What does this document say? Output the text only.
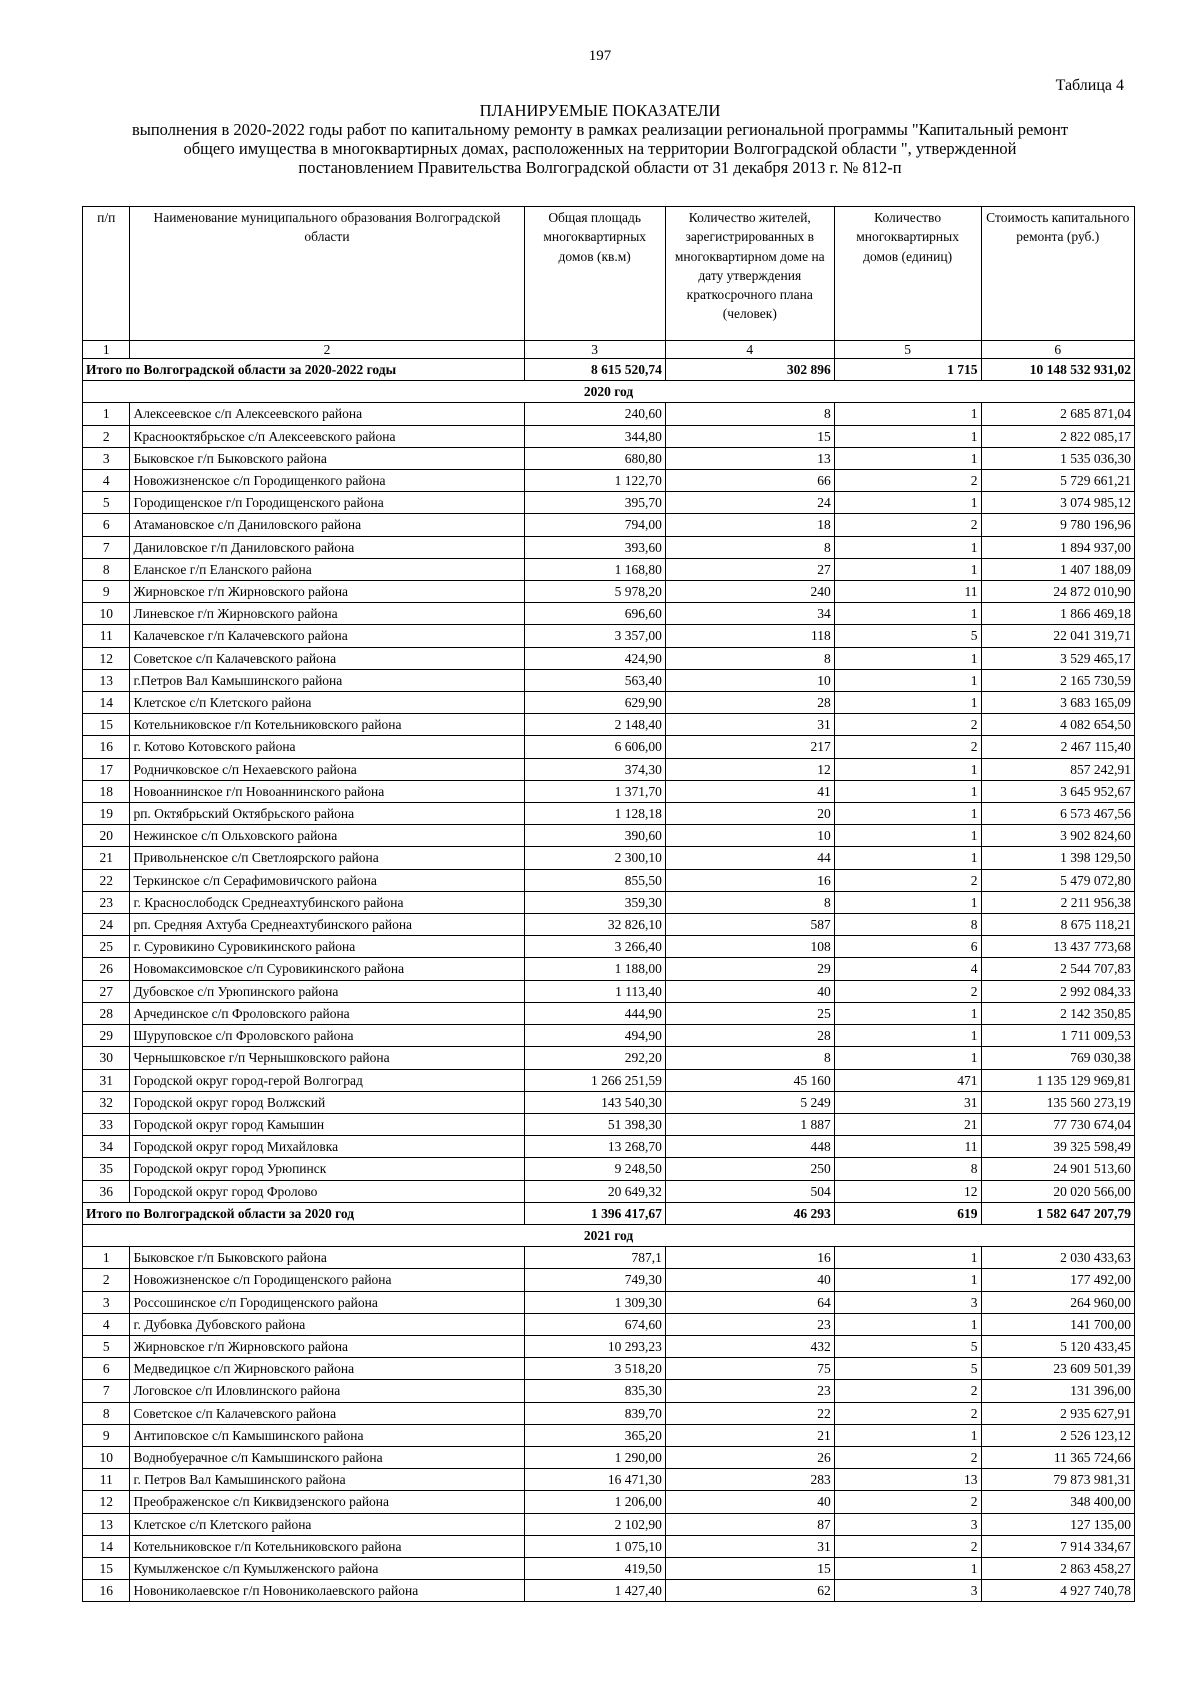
197
Таблица 4
ПЛАНИРУЕМЫЕ ПОКАЗАТЕЛИ
выполнения в 2020-2022 годы работ по капитальному ремонту в рамках реализации региональной программы "Капитальный ремонт
общего имущества в многоквартирных домах, расположенных на территории Волгоградской области ", утвержденной
постановлением Правительства Волгоградской области от 31 декабря 2013 г. № 812-п
п/п	Наименование муниципального образования Волгоградской области	Общая площадь многоквартирных домов (кв.м)	Количество жителей, зарегистрированных в многоквартирном доме на дату утверждения краткосрочного плана (человек)	Количество многоквартирных домов (единиц)	Стоимость капитального ремонта (руб.)
1	2	3	4	5	6
Итого по Волгоградской области за 2020-2022 годы		8 615 520,74	302 896	1 715	10 148 532 931,02
2020 год					
1	Алексеевское с/п Алексеевского района	240,60	8	1	2 685 871,04
2	Краснооктябрьское с/п Алексеевского района	344,80	15	1	2 822 085,17
3	Быковское г/п Быковского района	680,80	13	1	1 535 036,30
4	Новожизненское с/п Городищенкого района	1 122,70	66	2	5 729 661,21
5	Городищенское г/п Городищенского района	395,70	24	1	3 074 985,12
6	Атамановское с/п Даниловского района	794,00	18	2	9 780 196,96
7	Даниловское г/п Даниловского района	393,60	8	1	1 894 937,00
8	Еланское г/п Еланского района	1 168,80	27	1	1 407 188,09
9	Жирновское г/п Жирновского района	5 978,20	240	11	24 872 010,90
10	Линевское г/п Жирновского района	696,60	34	1	1 866 469,18
11	Калачевское г/п Калачевского района	3 357,00	118	5	22 041 319,71
12	Советское с/п Калачевского района	424,90	8	1	3 529 465,17
13	г.Петров Вал Камышинского района	563,40	10	1	2 165 730,59
14	Клетское с/п Клетского района	629,90	28	1	3 683 165,09
15	Котельниковское г/п Котельниковского района	2 148,40	31	2	4 082 654,50
16	г. Котово Котовского района	6 606,00	217	2	2 467 115,40
17	Родничковское с/п Нехаевского района	374,30	12	1	857 242,91
18	Новоаннинское г/п Новоаннинского района	1 371,70	41	1	3 645 952,67
19	рп. Октябрьский Октябрьского района	1 128,18	20	1	6 573 467,56
20	Нежинское с/п Ольховского района	390,60	10	1	3 902 824,60
21	Привольненское с/п Светлоярского района	2 300,10	44	1	1 398 129,50
22	Теркинское с/п Серафимовичского района	855,50	16	2	5 479 072,80
23	г. Краснослободск Среднеахтубинского района	359,30	8	1	2 211 956,38
24	рп. Средняя Ахтуба Среднеахтубинского района	32 826,10	587	8	8 675 118,21
25	г. Суровикино Суровикинского района	3 266,40	108	6	13 437 773,68
26	Новомаксимовское с/п Суровикинского района	1 188,00	29	4	2 544 707,83
27	Дубовское с/п Урюпинского района	1 113,40	40	2	2 992 084,33
28	Арчединское с/п Фроловского района	444,90	25	1	2 142 350,85
29	Шуруповское с/п Фроловского района	494,90	28	1	1 711 009,53
30	Чернышковское г/п Чернышковского района	292,20	8	1	769 030,38
31	Городской округ город-герой Волгоград	1 266 251,59	45 160	471	1 135 129 969,81
32	Городской округ город Волжский	143 540,30	5 249	31	135 560 273,19
33	Городской округ город Камышин	51 398,30	1 887	21	77 730 674,04
34	Городской округ город Михайловка	13 268,70	448	11	39 325 598,49
35	Городской округ город Урюпинск	9 248,50	250	8	24 901 513,60
36	Городской округ город Фролово	20 649,32	504	12	20 020 566,00
Итого по Волгоградской области за 2020 год		1 396 417,67	46 293	619	1 582 647 207,79
2021 год					
1	Быковское г/п Быковского района	787,1	16	1	2 030 433,63
2	Новожизненское с/п Городищенского района	749,30	40	1	177 492,00
3	Россошинское с/п Городищенского района	1 309,30	64	3	264 960,00
4	г. Дубовка Дубовского района	674,60	23	1	141 700,00
5	Жирновское г/п Жирновского района	10 293,23	432	5	5 120 433,45
6	Медведицкое с/п Жирновского района	3 518,20	75	5	23 609 501,39
7	Логовское с/п Иловлинского района	835,30	23	2	131 396,00
8	Советское с/п Калачевского района	839,70	22	2	2 935 627,91
9	Антиповское с/п Камышинского района	365,20	21	1	2 526 123,12
10	Воднобуерачное с/п Камышинского района	1 290,00	26	2	11 365 724,66
11	г. Петров Вал Камышинского района	16 471,30	283	13	79 873 981,31
12	Преображенское с/п Киквидзенского района	1 206,00	40	2	348 400,00
13	Клетское с/п Клетского района	2 102,90	87	3	127 135,00
14	Котельниковское г/п Котельниковского района	1 075,10	31	2	7 914 334,67
15	Кумылженское с/п Кумылженского района	419,50	15	1	2 863 458,27
16	Новониколаевское г/п Новониколаевского района	1 427,40	62	3	4 927 740,78
